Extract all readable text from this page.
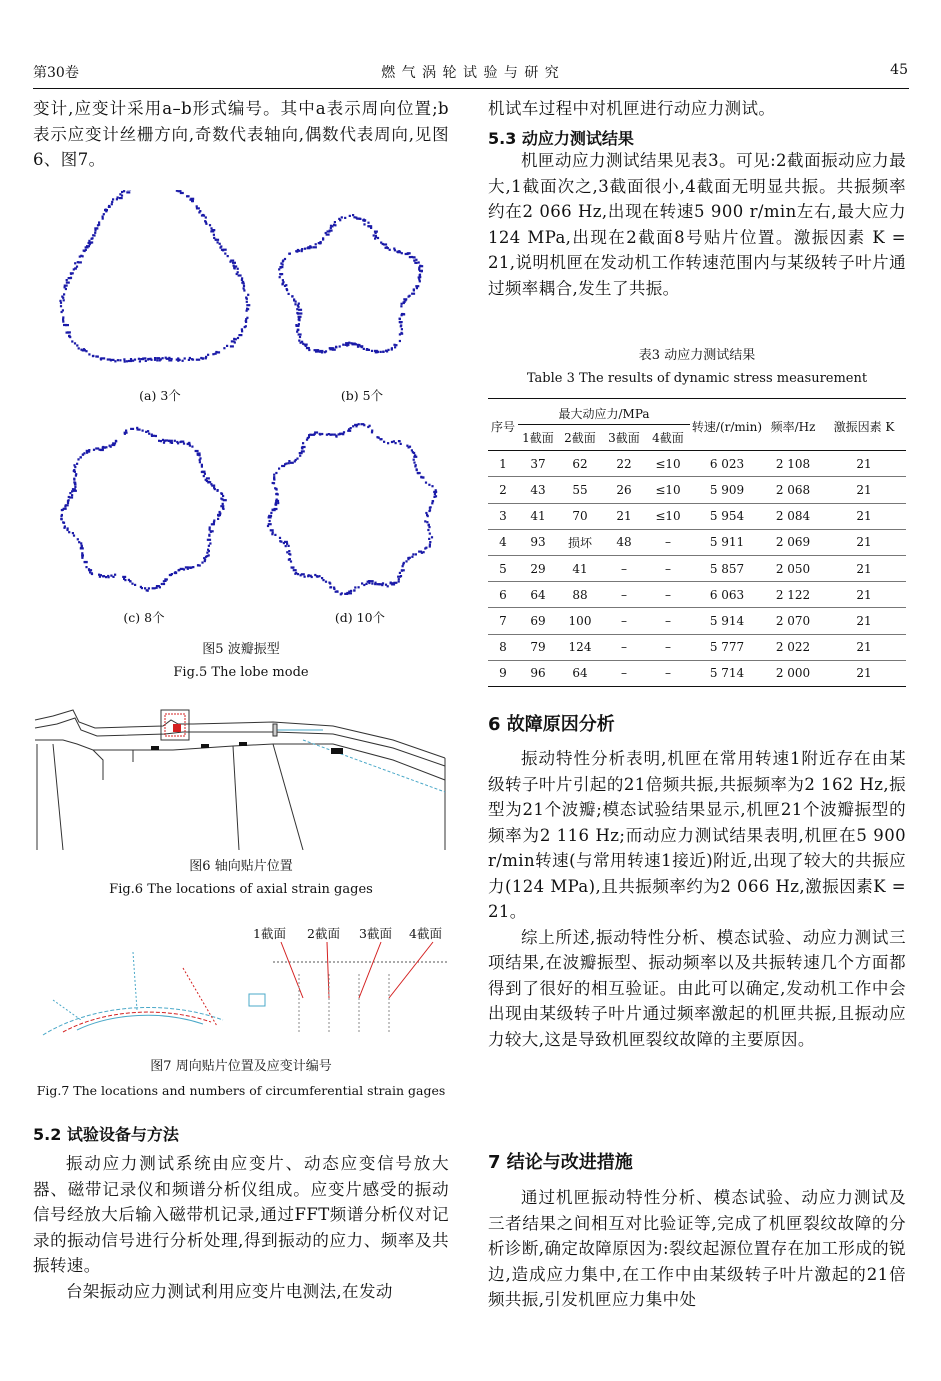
第30卷	燃 气 涡 轮 试 验 与 研 究	45

变计,应变计采用a–b形式编号。其中a表示周向位置;b表示应变计丝栅方向,奇数代表轴向,偶数代表周向,见图6、图7。

(a) 3个	(b) 5个
(c) 8个	(d) 10个
图5 波瓣振型
Fig.5 The lobe mode
图6 轴向贴片位置
Fig.6 The locations of axial strain gages
1截面 2截面 3截面 4截面
图7 周向贴片位置及应变计编号
Fig.7 The locations and numbers of circumferential strain gages
5.2 试验设备与方法

振动应力测试系统由应变片、动态应变信号放大器、磁带记录仪和频谱分析仪组成。应变片感受的振动信号经放大后输入磁带机记录,通过FFT频谱分析仪对记录的振动信号进行分析处理,得到振动的应力、频率及共振转速。

台架振动应力测试利用应变片电测法,在发动

机试车过程中对机匣进行动应力测试。

5.3 动应力测试结果

机匣动应力测试结果见表3。可见:2截面振动应力最大,1截面次之,3截面很小,4截面无明显共振。共振频率约在2 066 Hz,出现在转速5 900 r/min左右,最大应力124 MPa,出现在2截面8号贴片位置。激振因素 K = 21,说明机匣在发动机工作转速范围内与某级转子叶片通过频率耦合,发生了共振。

表3 动应力测试结果
Table 3 The results of dynamic stress measurement
序号	最大动应力/MPa				转速/(r/min)	频率/Hz	激振因素 K
	1截面	2截面	3截面	4截面			
1	37	62	22	≤10	6 023	2 108	21
2	43	55	26	≤10	5 909	2 068	21
3	41	70	21	≤10	5 954	2 084	21
4	93	损坏	48	–	5 911	2 069	21
5	29	41	–	–	5 857	2 050	21
6	64	88	–	–	6 063	2 122	21
7	69	100	–	–	5 914	2 070	21
8	79	124	–	–	5 777	2 022	21
9	96	64	–	–	5 714	2 000	21
6 故障原因分析

振动特性分析表明,机匣在常用转速1附近存在由某级转子叶片引起的21倍频共振,共振频率为2 162 Hz,振型为21个波瓣;模态试验结果显示,机匣21个波瓣振型的频率为2 116 Hz;而动应力测试结果表明,机匣在5 900 r/min转速(与常用转速1接近)附近,出现了较大的共振应力(124 MPa),且共振频率约为2 066 Hz,激振因素K = 21。

综上所述,振动特性分析、模态试验、动应力测试三项结果,在波瓣振型、振动频率以及共振转速几个方面都得到了很好的相互验证。由此可以确定,发动机工作中会出现由某级转子叶片通过频率激起的机匣共振,且振动应力较大,这是导致机匣裂纹故障的主要原因。

7 结论与改进措施

通过机匣振动特性分析、模态试验、动应力测试及三者结果之间相互对比验证等,完成了机匣裂纹故障的分析诊断,确定故障原因为:裂纹起源位置存在加工形成的锐边,造成应力集中,在工作中由某级转子叶片激起的21倍频共振,引发机匣应力集中处
